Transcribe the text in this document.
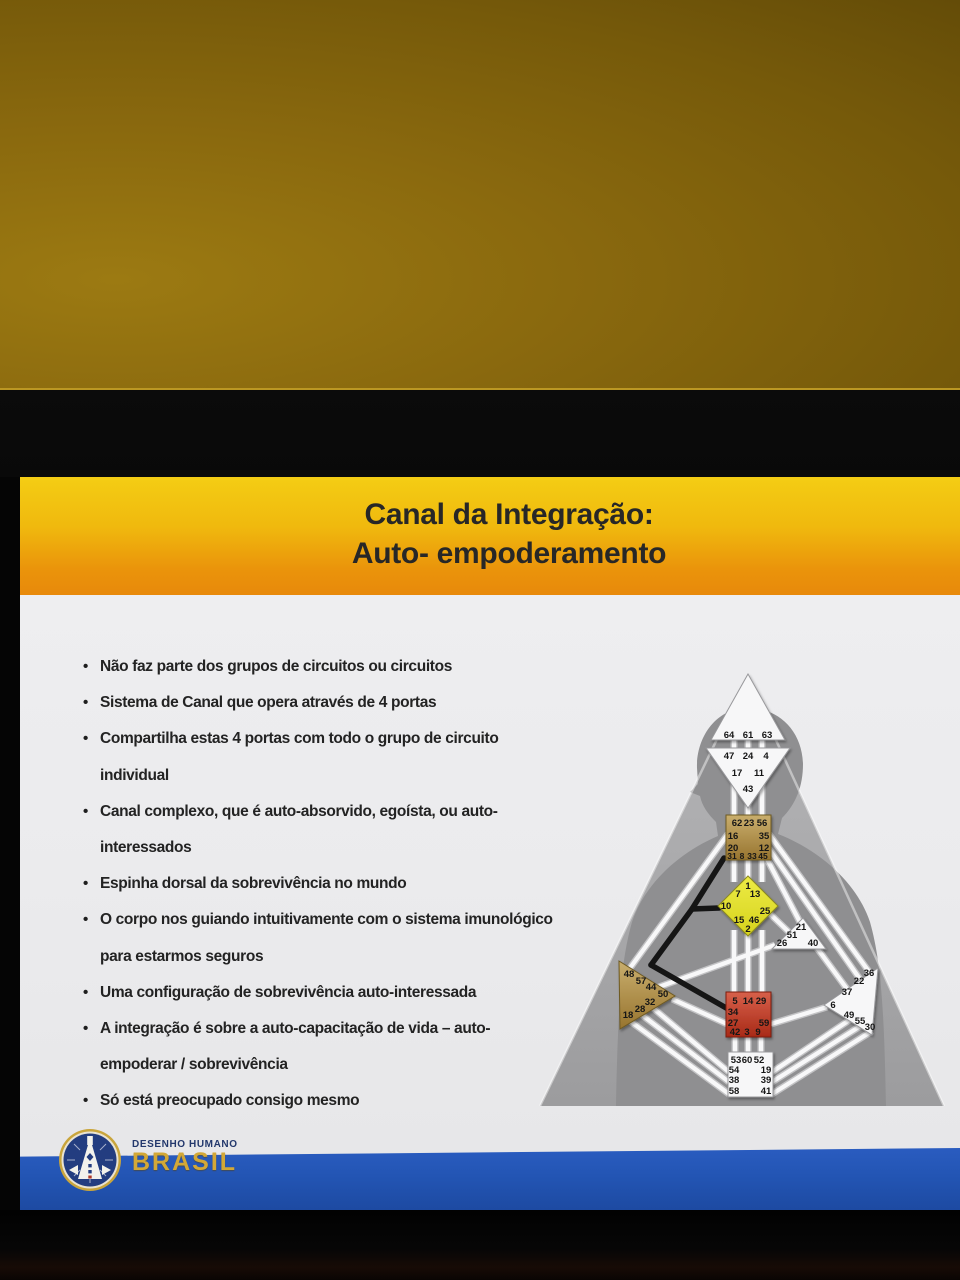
Canal da Integração:
Auto- empoderamento
• Não faz parte dos grupos de circuitos ou circuitos
• Sistema de Canal que opera através de 4 portas
• Compartilha estas 4 portas com todo o grupo de circuito
individual
• Canal complexo, que é auto-absorvido, egoísta, ou auto-
interessados
• Espinha dorsal da sobrevivência no mundo
• O corpo nos guiando intuitivamente com o sistema imunológico
para estarmos seguros
• Uma configuração de sobrevivência auto-interessada
• A integração é sobre a auto-capacitação de vida – auto-
empoderar / sobrevivência
• Só está preocupado consigo mesmo
64 61 63
47 24 4
17 11
43
62 23 56
16 35
20 12
31 8 33 45
1
7 13
10	25
15 46
2	21
51
26 40
48
57
44
50
32
28
18
5 14 29
34
27 59
42 3 9
36
22
37
6
49
55
30
53 60 52
54 19
38 39
58 41
DESENHO HUMANO
BRASIL
